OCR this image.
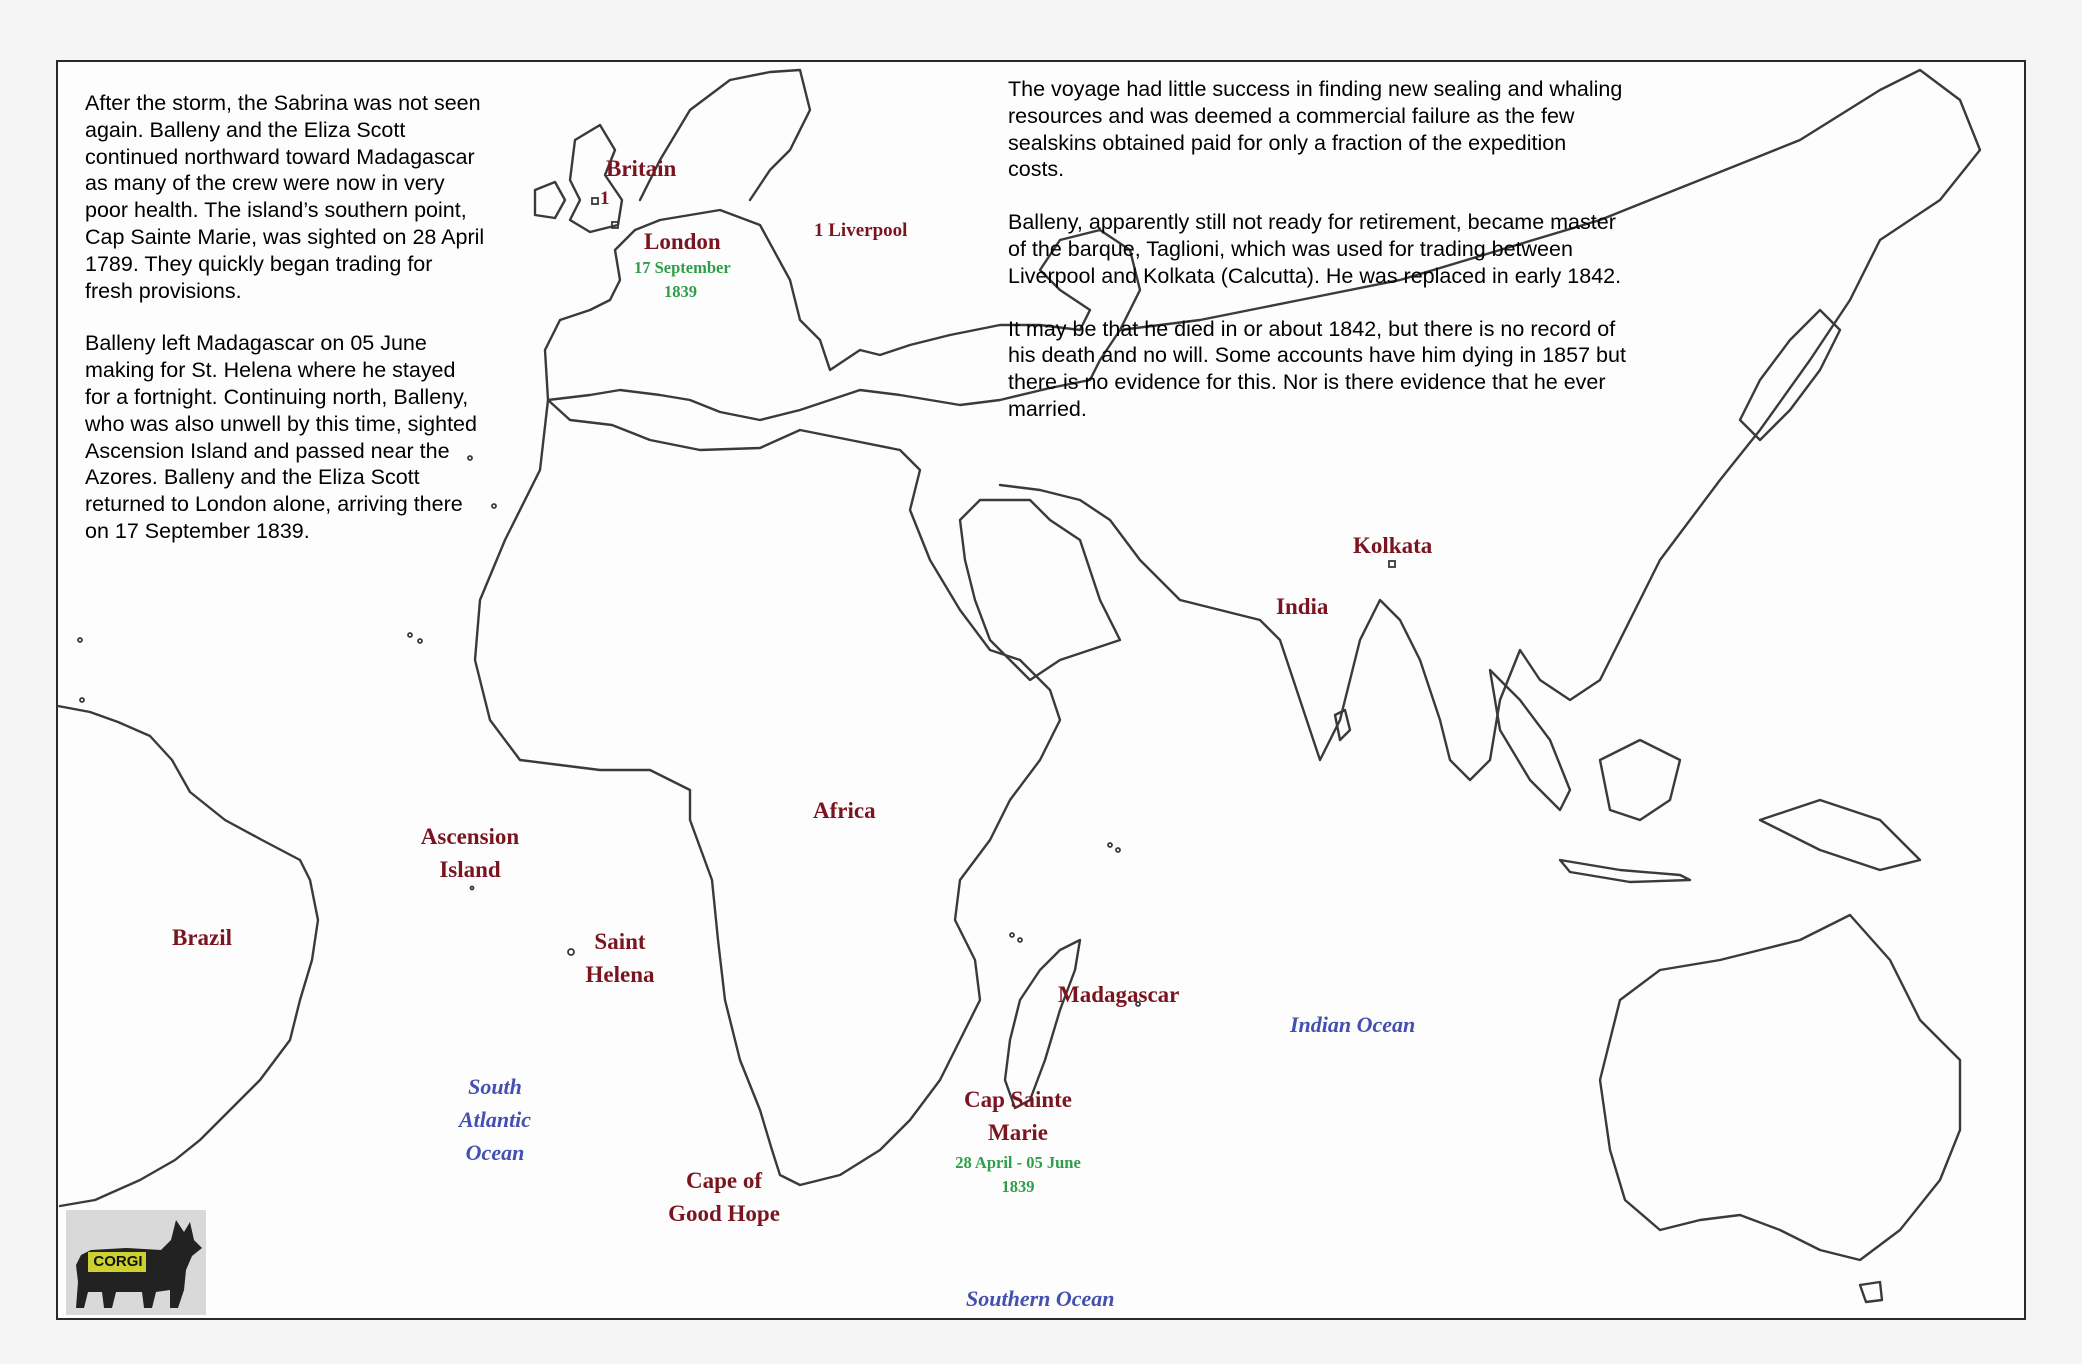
After the storm, the Sabrina was not seen again. Balleny and the Eliza Scott continued northward toward Madagascar as many of the crew were now in very poor health. The island’s southern point, Cap Sainte Marie, was sighted on 28 April 1789. They quickly began trading for fresh provisions.

Balleny left Madagascar on 05 June making for St. Helena where he stayed for a fortnight. Continuing north, Balleny, who was also unwell by this time, sighted Ascension Island and passed near the Azores. Balleny and the Eliza Scott returned to London alone, arriving there on 17 September 1839.

The voyage had little success in finding new sealing and whaling resources and was deemed a commercial failure as the few sealskins obtained paid for only a fraction of the expedition costs.

Balleny, apparently still not ready for retirement, became master of the barque, Taglioni, which was used for trading between Liverpool and Kolkata (Calcutta). He was replaced in early 1842.

It may be that he died in or about 1842, but there is no record of his death and no will. Some accounts have him dying in 1857 but there is no evidence for this. Nor is there evidence that he ever married.

Britain
1
London
17 September
1839
1 Liverpool
Kolkata
India
Africa
Ascension
Island
Saint
Helena
Brazil
Madagascar
Cap Sainte
Marie
28 April - 05 June
1839
Cape of
Good Hope
South
Atlantic
Ocean
Indian Ocean
Southern Ocean
CORGI
